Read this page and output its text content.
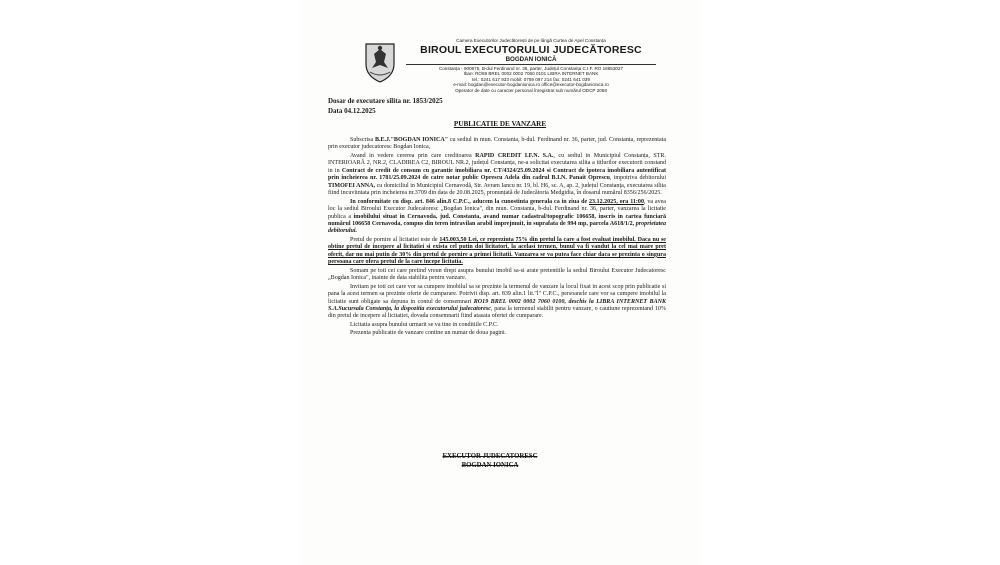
Camera Executorilor Judecătorești de pe lângă Curtea de Apel Constanța
BIROUL EXECUTORULUI JUDECĂTORESC
BOGDAN IONICĂ
Constanța - 900675, B-dul Ferdinand nr. 36, parter, Județul Constanța C.I.F. RO 18653027
Iban: RO69 BREL 0002 0002 7060 0101 LIBRA INTERNET BANK
tel.: 0241 617 933 mobil: 0769 097 214 fax: 0241 641 039
e-mail: bogdan@executor-bogdanionica.ro office@executor-bogdanionica.ro
Operator de date cu caracter personal înregistrat sub numărul ODCP 2068
Dosar de executare silita nr. 1853/2025
Data 04.12.2025
PUBLICATIE DE VANZARE

Subscrisa B.E.J."BOGDAN IONICA" cu sediul in mun. Constanta, b-dul. Ferdinand nr. 36, parter, jud. Constanta, reprezentata prin executor judecatoresc Bogdan Ionica,

Avand in vedere cererea prin care creditoarea RAPID CREDIT I.F.N. S.A., cu sediul in Municipiul Constanța, STR. INTERIOARĂ 2, NR.2, CLADIREA C2, BIROUL NR.2, județul Constanța, ne-a solicitat executarea silita a titlurilor executorii constand in in Contract de credit de consum cu garantie imobiliara nr. CT/4324/25.09.2024 si Contract de ipoteca imobiliara autentificat prin incheierea nr. 1781/25.09.2024 de catre notar public Oprescu Adela din cadrul B.I.N. Panait Oprescu, impotriva debitorului TIMOFEI ANNA, cu domiciliul in Municipiul Cernavodă, Str. Avram Iancu nr. 19, bl. H6, sc. A, ap. 2, județul Constanța, executarea silita fiind incuviintata prin incheierea nr.3709 din data de 20.08.2025, pronunțată de Judecătoria Medgidia, în dosarul numărul 8356/256/2025.

In conformitate cu disp. art. 846 alin.8 C.P.C., aducem la cunostinta generala ca in ziua de 23.12.2025, ora 11:00, va avea loc la sediul Biroului Executor Judecatoresc „Bogdan Ionica", din mun. Constanta, b-dul. Ferdinand nr. 36, parter, vanzarea la licitatie publica a imobilului situat in Cernavoda, jud. Constanta, avand numar cadastral/topografic 106658, inscris in cartea funciară numărul 106658 Cernavoda, compus din teren intravilan arabil imprejmuit, in suprafata de 994 mp, parcela A618/1/2, proprietatea debitorului.

Pretul de pornire al licitatiei este de 145.003,50 Lei, ce reprezinta 75% din pretul la care a fost evaluat imobilul. Daca nu se obtine pretul de incepere al licitatiei si exista cel putin doi licitatori, la acelasi termen, bunul va fi vandut la cel mai mare pret oferit, dar nu mai putin de 30% din pretul de pornire a primei licitatii. Vanzarea se va putea face chiar daca se prezinta o singura persoana care ofera pretul de la care incepe licitatia.

Somam pe toti cei care pretind vreun drept asupra bunului imobil sa-si arate pretentiile la sediul Biroului Executor Judecatoresc „Bogdan Ionica", inainte de data stabilita pentru vanzare.

Invitam pe toti cei care vor sa cumpere imobilul sa se prezinte la termenul de vanzare la locul fixat in acest scop prin publicatie si pana la acest termen sa prezinte oferte de cumparare. Potrivit disp. art. 839 alin.1 lit."l" C.P.C., persoanele care vor sa cumpere imobilul la licitatie sunt obligate sa depuna in contul de consemnari RO19 BREL 0002 0002 7060 0100, deschis la LIBRA INTERNET BANK S.A.Sucursala Constanța, la dispozitia executorului judecatoresc, pana la termenul stabilit pentru vanzare, o cautiune reprezentand 10% din pretul de incepere al licitatiei, dovada consemnarii fiind atasata ofertei de cumparare.

Licitatia asupra bunului urmarit se va tine in conditiile C.P.C.

Prezenta publicatie de vanzare contine un numar de doua pagini.

EXECUTOR JUDECATORESC
BOGDAN IONICA
